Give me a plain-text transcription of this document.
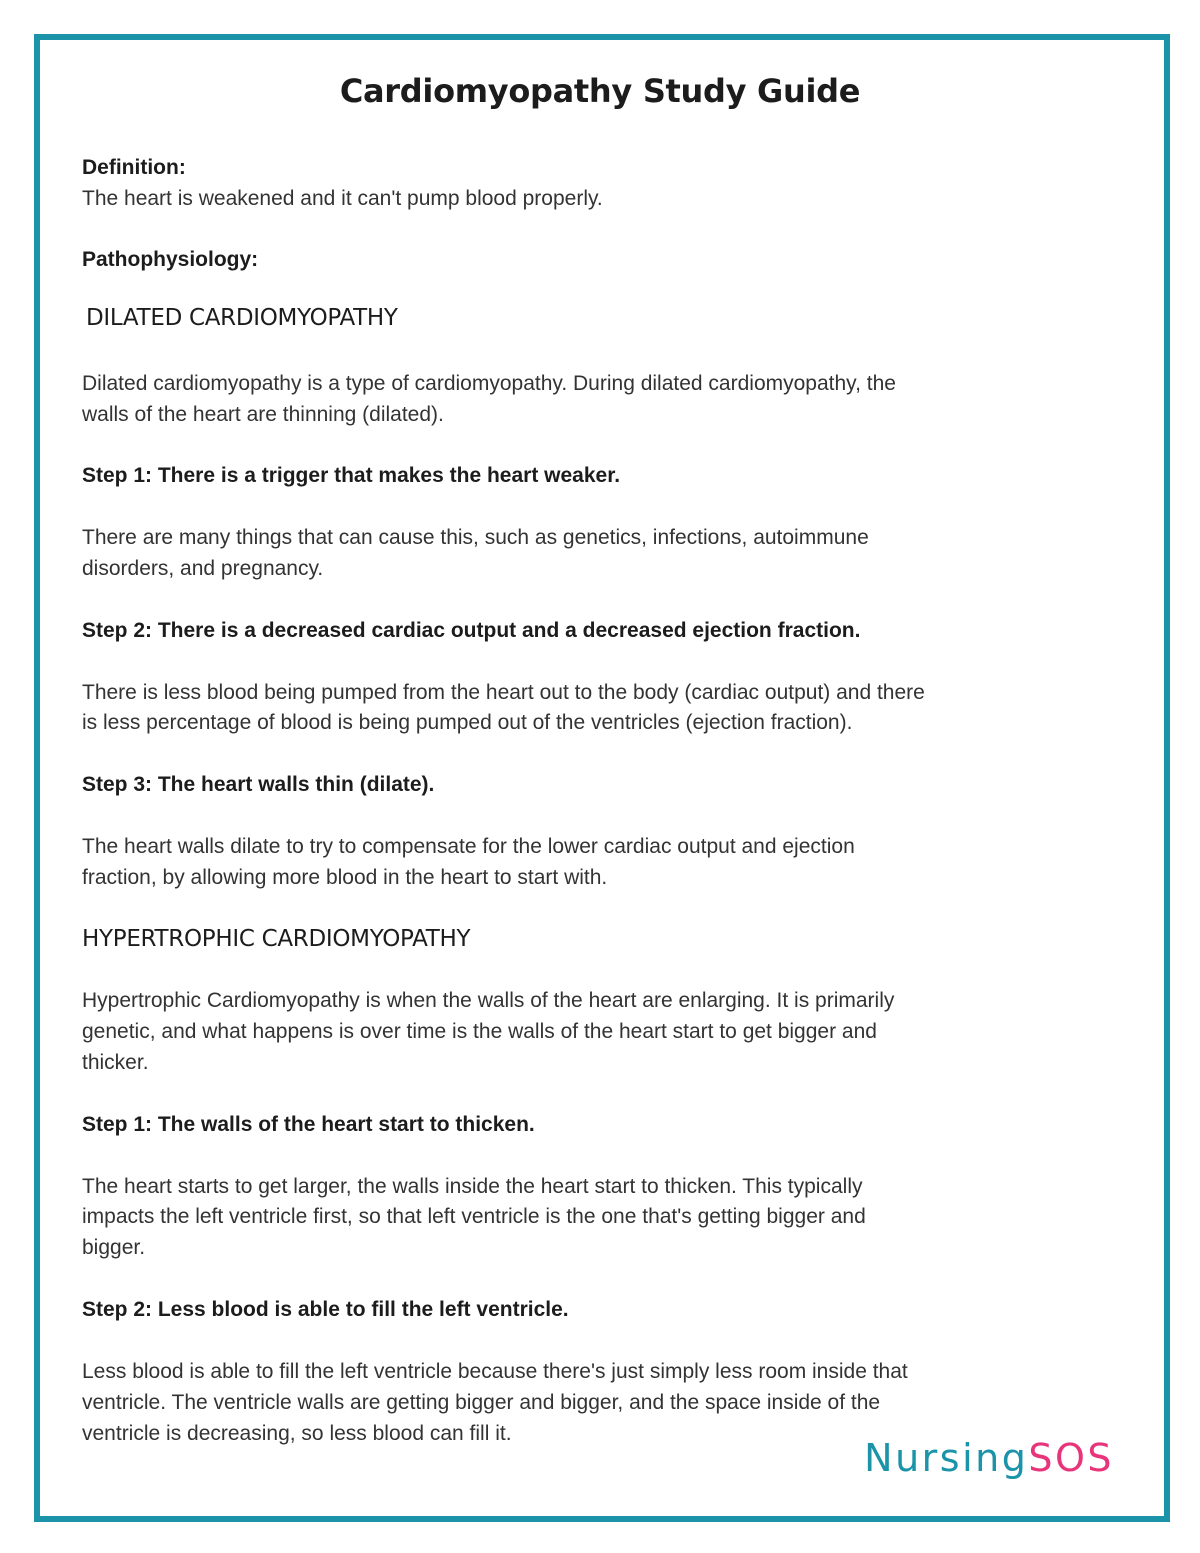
Cardiomyopathy Study Guide

Definition:

The heart is weakened and it can't pump blood properly.

Pathophysiology:

DILATED CARDIOMYOPATHY

Dilated cardiomyopathy is a type of cardiomyopathy. During dilated cardiomyopathy, the

walls of the heart are thinning (dilated).

Step 1: There is a trigger that makes the heart weaker.

There are many things that can cause this, such as genetics, infections, autoimmune

disorders, and pregnancy.

Step 2: There is a decreased cardiac output and a decreased ejection fraction.

There is less blood being pumped from the heart out to the body (cardiac output) and there

is less percentage of blood is being pumped out of the ventricles (ejection fraction).

Step 3: The heart walls thin (dilate).

The heart walls dilate to try to compensate for the lower cardiac output and ejection

fraction, by allowing more blood in the heart to start with.

HYPERTROPHIC CARDIOMYOPATHY

Hypertrophic Cardiomyopathy is when the walls of the heart are enlarging. It is primarily

genetic, and what happens is over time is the walls of the heart start to get bigger and

thicker.

Step 1: The walls of the heart start to thicken.

The heart starts to get larger, the walls inside the heart start to thicken. This typically

impacts the left ventricle first, so that left ventricle is the one that's getting bigger and

bigger.

Step 2: Less blood is able to fill the left ventricle.

Less blood is able to fill the left ventricle because there's just simply less room inside that

ventricle. The ventricle walls are getting bigger and bigger, and the space inside of the

ventricle is decreasing, so less blood can fill it.

NursingSOS
